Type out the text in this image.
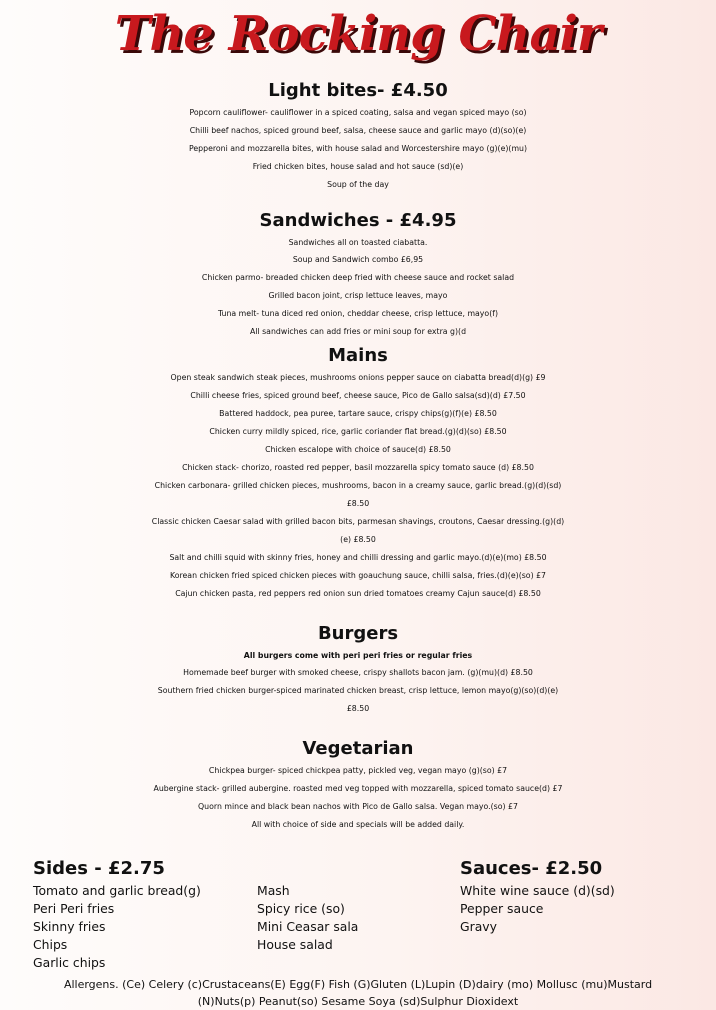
The Rocking Chair
Light bites- £4.50
Popcorn cauliflower- cauliflower in a spiced coating, salsa and vegan spiced mayo (so)
Chilli beef nachos, spiced ground beef, salsa, cheese sauce and garlic mayo (d)(so)(e)
Pepperoni and mozzarella bites, with house salad and Worcestershire mayo (g)(e)(mu)
Fried chicken bites, house salad and hot sauce (sd)(e)
Soup of the day
Sandwiches - £4.95
Sandwiches all on toasted ciabatta.
Soup and Sandwich combo £6,95
Chicken parmo- breaded chicken deep fried with cheese sauce and rocket salad
Grilled bacon joint, crisp lettuce leaves, mayo
Tuna melt- tuna diced red onion, cheddar cheese, crisp lettuce, mayo(f)
All sandwiches can add fries or mini soup for extra g)(d
Mains
Open steak sandwich steak pieces, mushrooms onions pepper sauce on ciabatta bread(d)(g) £9
Chilli cheese fries, spiced ground beef, cheese sauce, Pico de Gallo salsa(sd)(d) £7.50
Battered haddock, pea puree, tartare sauce, crispy chips(g)(f)(e) £8.50
Chicken curry mildly spiced, rice, garlic coriander flat bread.(g)(d)(so) £8.50
Chicken escalope with choice of sauce(d) £8.50
Chicken stack- chorizo, roasted red pepper, basil mozzarella spicy tomato sauce (d) £8.50
Chicken carbonara- grilled chicken pieces, mushrooms, bacon in a creamy sauce, garlic bread.(g)(d)(sd)
£8.50
Classic chicken Caesar salad with grilled bacon bits, parmesan shavings, croutons, Caesar dressing.(g)(d)
(e) £8.50
Salt and chilli squid with skinny fries, honey and chilli dressing and garlic mayo.(d)(e)(mo) £8.50
Korean chicken fried spiced chicken pieces with goauchung sauce, chilli salsa, fries.(d)(e)(so) £7
Cajun chicken pasta, red peppers red onion sun dried tomatoes creamy Cajun sauce(d) £8.50
Burgers
All burgers come with peri peri fries or regular fries
Homemade beef burger with smoked cheese, crispy shallots bacon jam. (g)(mu)(d) £8.50
Southern fried chicken burger-spiced marinated chicken breast, crisp lettuce, lemon mayo(g)(so)(d)(e)
£8.50
Vegetarian
Chickpea burger- spiced chickpea patty, pickled veg, vegan mayo (g)(so) £7
Aubergine stack- grilled aubergine. roasted med veg topped with mozzarella, spiced tomato sauce(d) £7
Quorn mince and black bean nachos with Pico de Gallo salsa. Vegan mayo.(so) £7
All with choice of side and specials will be added daily.
Sides - £2.75
Tomato and garlic bread(g)
Peri Peri fries
Skinny fries
Chips
Garlic chips
Mash
Spicy rice (so)
Mini Ceasar sala
House salad
Sauces- £2.50
White wine sauce (d)(sd)
Pepper sauce
Gravy
Allergens. (Ce) Celery (c)Crustaceans(E) Egg(F) Fish (G)Gluten (L)Lupin (D)dairy (mo) Mollusc (mu)Mustard
(N)Nuts(p) Peanut(so) Sesame Soya (sd)Sulphur Dioxidext
